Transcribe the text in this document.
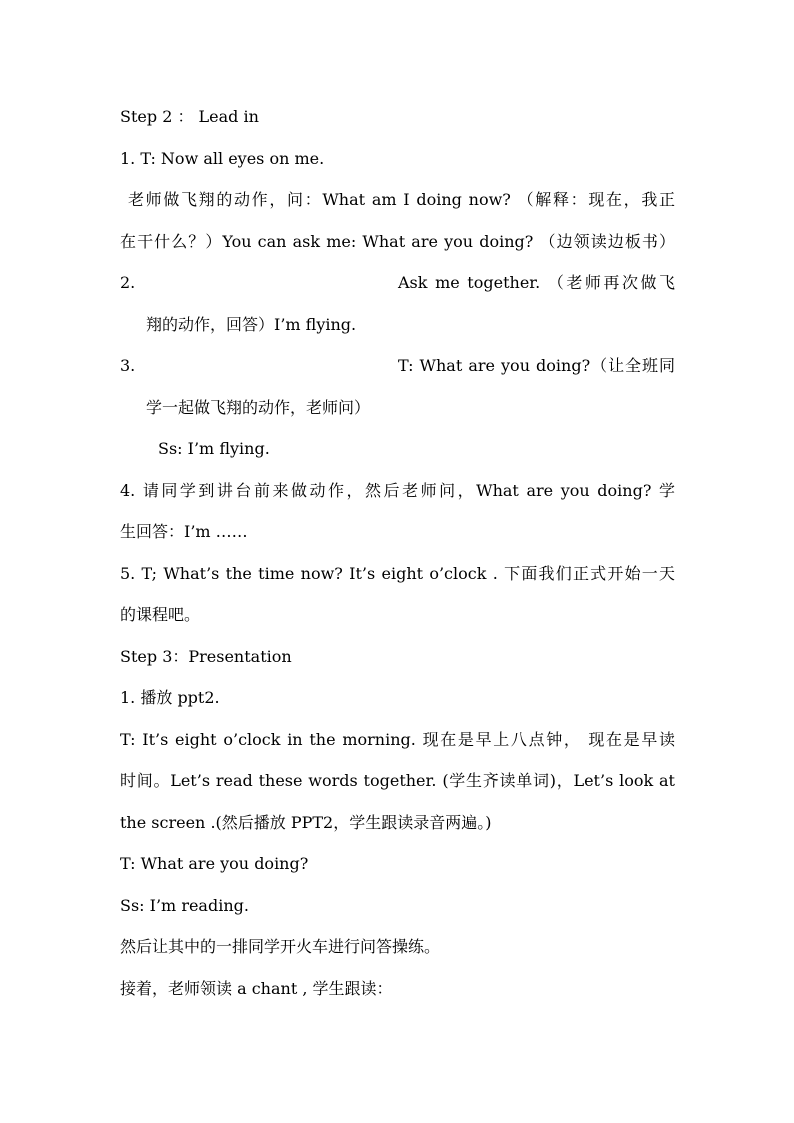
Step 2 ： Lead in
1. T: Now all eyes on me.
老师做飞翔的动作，问：What am I doing now? （解释：现在，我正
在干什么？）You can ask me: What are you doing? （边领读边板书）
2.	Ask me together. （老师再次做飞
翔的动作，回答）I’m flying.
3.	T: What are you doing?（让全班同
学一起做飞翔的动作，老师问）
Ss: I’m flying.
4. 请同学到讲台前来做动作，然后老师问，What are you doing? 学
生回答：I’m ……
5. T; What’s the time now? It’s eight o’clock . 下面我们正式开始一天
的课程吧。
Step 3：Presentation
1. 播放 ppt2.
T: It’s eight o’clock in the morning. 现在是早上八点钟， 现在是早读
时间。Let’s read these words together. (学生齐读单词)，Let’s look at
the screen .(然后播放 PPT2，学生跟读录音两遍。)
T: What are you doing?
Ss: I’m reading.
然后让其中的一排同学开火车进行问答操练。
接着，老师领读 a chant , 学生跟读：
